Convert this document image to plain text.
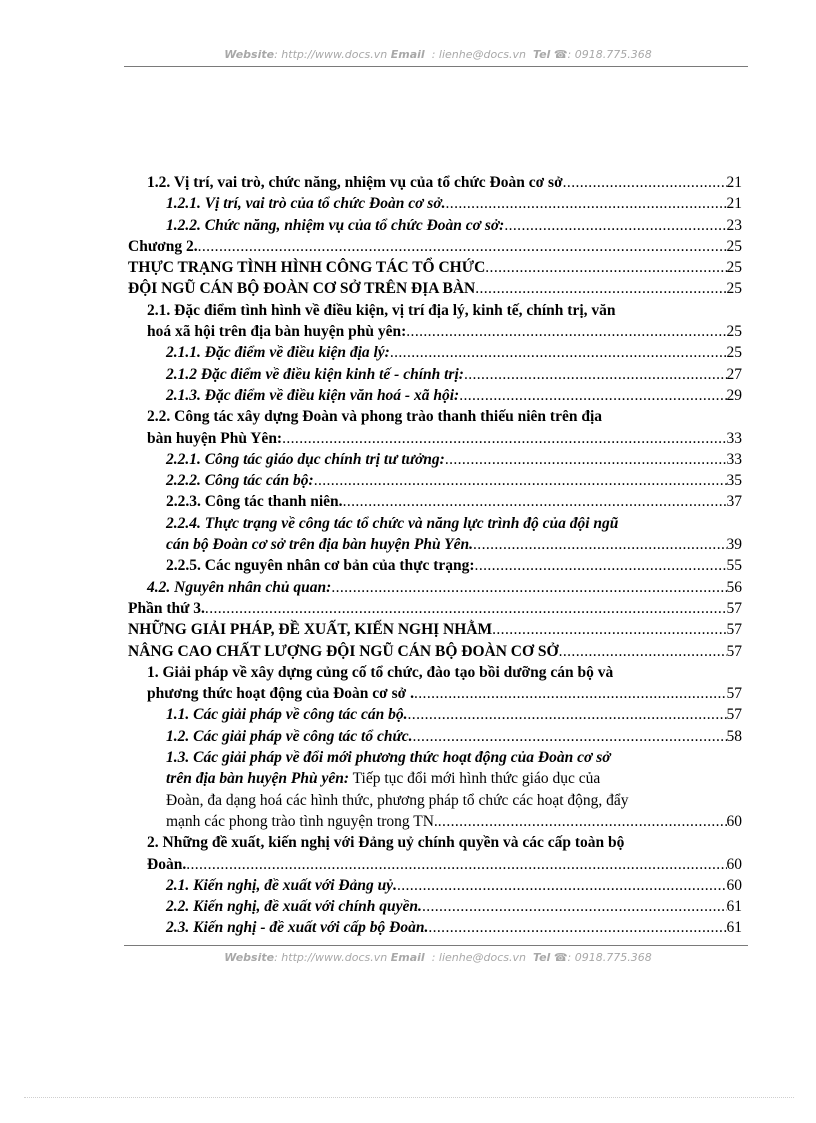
Website: http://www.docs.vn Email : lienhe@docs.vn Tel ☎: 0918.775.368
1.2. Vị trí, vai trò, chức năng, nhiệm vụ của tổ chức Đoàn cơ sở .....	21
1.2.1. Vị trí, vai trò của tổ chức Đoàn cơ sở. .....	21
1.2.2. Chức năng, nhiệm vụ của tổ chức Đoàn cơ sở: .....	23
Chương 2. .....	25
THỰC TRẠNG TÌNH HÌNH CÔNG TÁC TỔ CHỨC .....	25
ĐỘI NGŨ CÁN BỘ ĐOÀN CƠ SỞ TRÊN ĐỊA BÀN .....	25
2.1. Đặc điểm tình hình về điều kiện, vị trí địa lý, kinh tế, chính trị, văn
hoá xã hội trên địa bàn huyện phù yên: .....	25
2.1.1. Đặc điểm về điều kiện địa lý: .....	25
2.1.2 Đặc điểm về điều kiện kinh tế - chính trị: .....	27
2.1.3. Đặc điểm về điều kiện văn hoá - xã hội: .....	29
2.2. Công tác xây dựng Đoàn và phong trào thanh thiếu niên trên địa
bàn huyện Phù Yên: .....	33
2.2.1. Công tác giáo dục chính trị tư tưởng: .....	33
2.2.2. Công tác cán bộ: .....	35
2.2.3. Công tác thanh niên. .....	37
2.2.4. Thực trạng về công tác tổ chức và năng lực trình độ của đội ngũ
cán bộ Đoàn cơ sở trên địa bàn huyện Phù Yên. .....	39
2.2.5. Các nguyên nhân cơ bản của thực trạng: .....	55
4.2. Nguyên nhân chủ quan: .....	56
Phần thứ 3. .....	57
NHỮNG GIẢI PHÁP, ĐỀ XUẤT, KIẾN NGHỊ NHẰM .....	57
NÂNG CAO CHẤT LƯỢNG ĐỘI NGŨ CÁN BỘ ĐOÀN CƠ SỞ .....	57
1. Giải pháp về xây dựng củng cố tổ chức, đào tạo bồi dưỡng cán bộ và
phương thức hoạt động của Đoàn cơ sở . .....	57
1.1. Các giải pháp về công tác cán bộ. .....	57
1.2. Các giải pháp về công tác tổ chức. .....	58
1.3. Các giải pháp về đổi mới phương thức hoạt động của Đoàn cơ sở
trên địa bàn huyện Phù yên: Tiếp tục đổi mới hình thức giáo dục của
Đoàn, đa dạng hoá các hình thức, phương pháp tổ chức các hoạt động, đẩy
mạnh các phong trào tình nguyện trong TN. .....	60
2. Những đề xuất, kiến nghị với Đảng uỷ chính quyền và các cấp toàn bộ
Đoàn. .....	60
2.1. Kiến nghị, đề xuất với Đảng uỷ. .....	60
2.2. Kiến nghị, đề xuất với chính quyền. .....	61
2.3. Kiến nghị - đề xuất với cấp bộ Đoàn. .....	61
Website: http://www.docs.vn Email : lienhe@docs.vn Tel ☎: 0918.775.368
